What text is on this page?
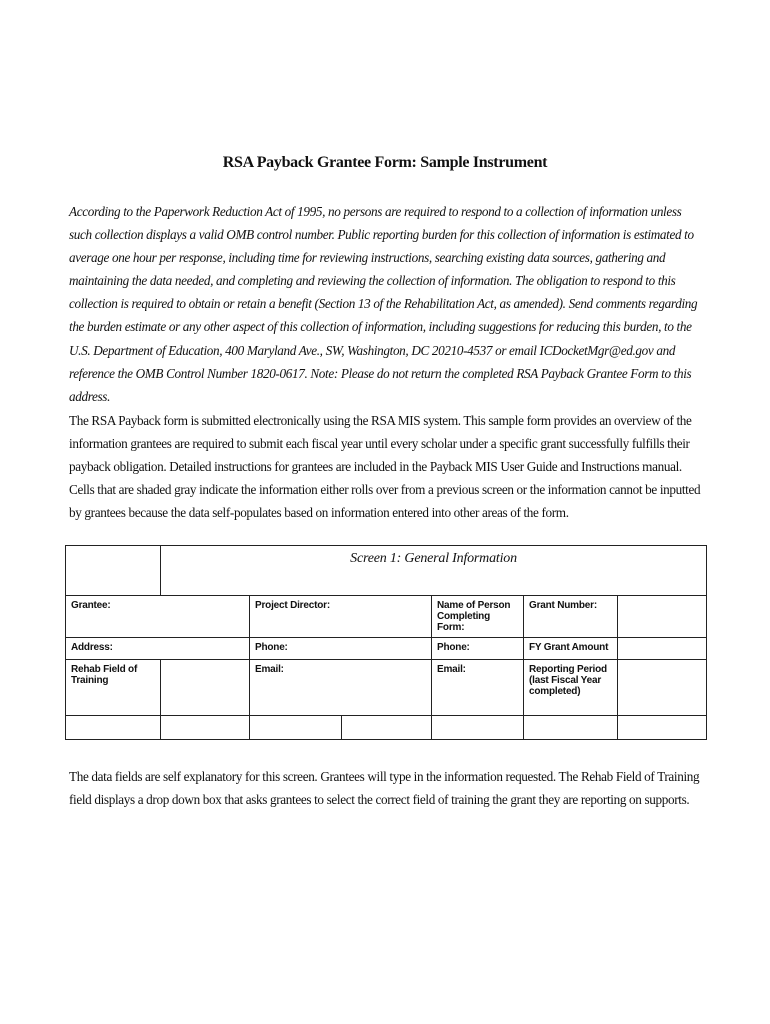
RSA Payback Grantee Form: Sample Instrument

According to the Paperwork Reduction Act of 1995, no persons are required to respond to a collection of information unless such collection displays a valid OMB control number. Public reporting burden for this collection of information is estimated to average one hour per response, including time for reviewing instructions, searching existing data sources, gathering and maintaining the data needed, and completing and reviewing the collection of information. The obligation to respond to this collection is required to obtain or retain a benefit (Section 13 of the Rehabilitation Act, as amended). Send comments regarding the burden estimate or any other aspect of this collection of information, including suggestions for reducing this burden, to the U.S. Department of Education, 400 Maryland Ave., SW, Washington, DC 20210-4537 or email ICDocketMgr@ed.gov and reference the OMB Control Number 1820-0617. Note: Please do not return the completed RSA Payback Grantee Form to this address.

The RSA Payback form is submitted electronically using the RSA MIS system. This sample form provides an overview of the information grantees are required to submit each fiscal year until every scholar under a specific grant successfully fulfills their payback obligation. Detailed instructions for grantees are included in the Payback MIS User Guide and Instructions manual. Cells that are shaded gray indicate the information either rolls over from a previous screen or the information cannot be inputted by grantees because the data self-populates based on information entered into other areas of the form.

	Screen 1: General Information					
Grantee:		Project Director:		Name of Person Completing Form:	Grant Number:	
Address:		Phone:		Phone:	FY Grant Amount	
Rehab Field of Training		Email:		Email:	Reporting Period (last Fiscal Year completed)	

The data fields are self explanatory for this screen. Grantees will type in the information requested. The Rehab Field of Training field displays a drop down box that asks grantees to select the correct field of training the grant they are reporting on supports.
